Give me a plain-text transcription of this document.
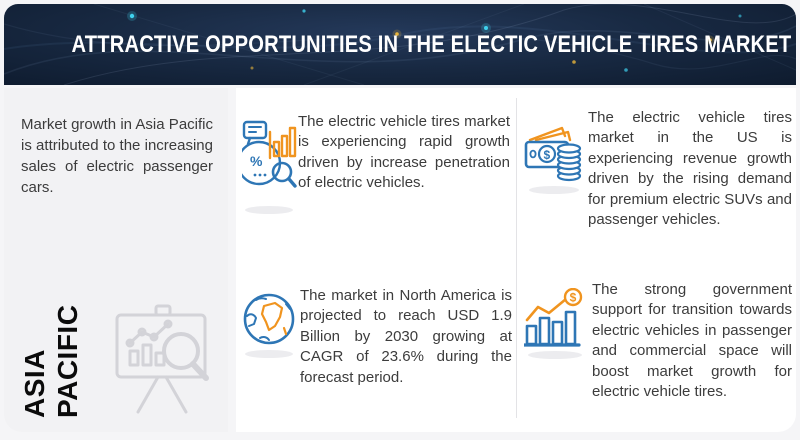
ATTRACTIVE OPPORTUNITIES IN THE ELECTIC VEHICLE TIRES MARKET

Market growth in Asia Pacific is attributed to the increasing sales of electric passenger cars.

ASIA PACIFIC
%

The electric vehicle tires market is experiencing rapid growth driven by increase penetration of electric vehicles.

$

The electric vehicle tires market in the US is experiencing revenue growth driven by the rising demand for premium electric SUVs and passenger vehicles.

The market in North America is projected to reach USD 1.9 Billion by 2030 growing at CAGR of 23.6% during the forecast period.

$ The strong government support for transition towards electric vehicles in passenger and commercial space will boost market growth for electric vehicle tires.
